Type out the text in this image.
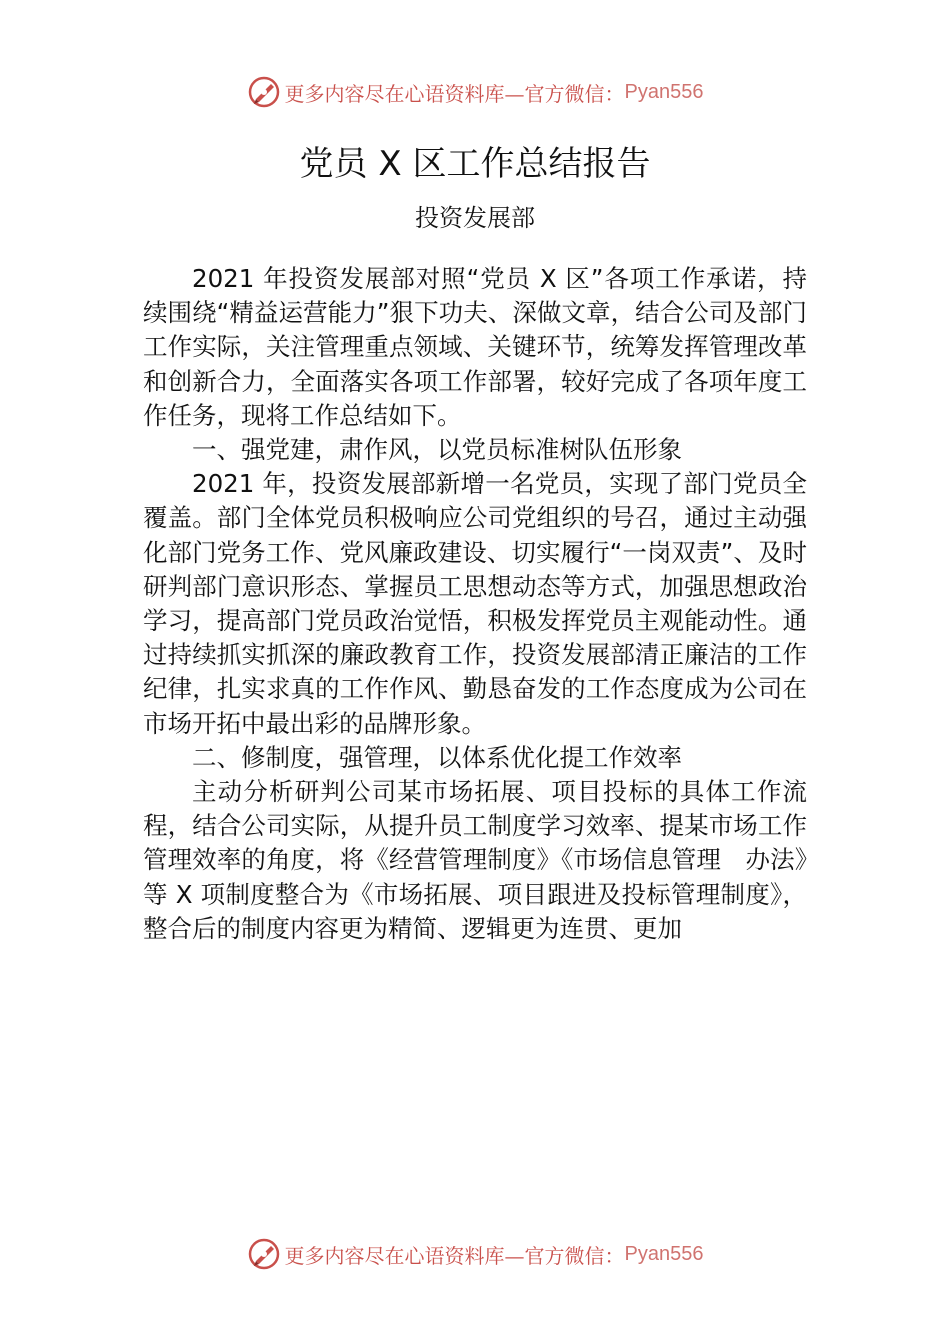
更多内容尽在心语资料库—官方微信： Pyan556
党员 X 区工作总结报告
投资发展部

2021 年投资发展部对照“党员 X 区”各项工作承诺，持续围绕“精益运营能力”狠下功夫、深做文章，结合公司及部门工作实际，关注管理重点领域、关键环节，统筹发挥管理改革和创新合力，全面落实各项工作部署，较好完成了各项年度工作任务，现将工作总结如下。

一、强党建，肃作风，以党员标准树队伍形象

2021 年，投资发展部新增一名党员，实现了部门党员全覆盖。部门全体党员积极响应公司党组织的号召，通过主动强化部门党务工作、党风廉政建设、切实履行“一岗双责”、及时研判部门意识形态、掌握员工思想动态等方式，加强思想政治学习，提高部门党员政治觉悟，积极发挥党员主观能动性。通过持续抓实抓深的廉政教育工作，投资发展部清正廉洁的工作纪律，扎实求真的工作作风、勤恳奋发的工作态度成为公司在市场开拓中最出彩的品牌形象。

二、修制度，强管理，以体系优化提工作效率

主动分析研判公司某市场拓展、项目投标的具体工作流程，结合公司实际，从提升员工制度学习效率、提某市场工作管理效率的角度，将《经营管理制度》《市场信息管理　办法》等 X 项制度整合为《市场拓展、项目跟进及投标管理制度》，整合后的制度内容更为精简、逻辑更为连贯、更加

更多内容尽在心语资料库—官方微信： Pyan556
